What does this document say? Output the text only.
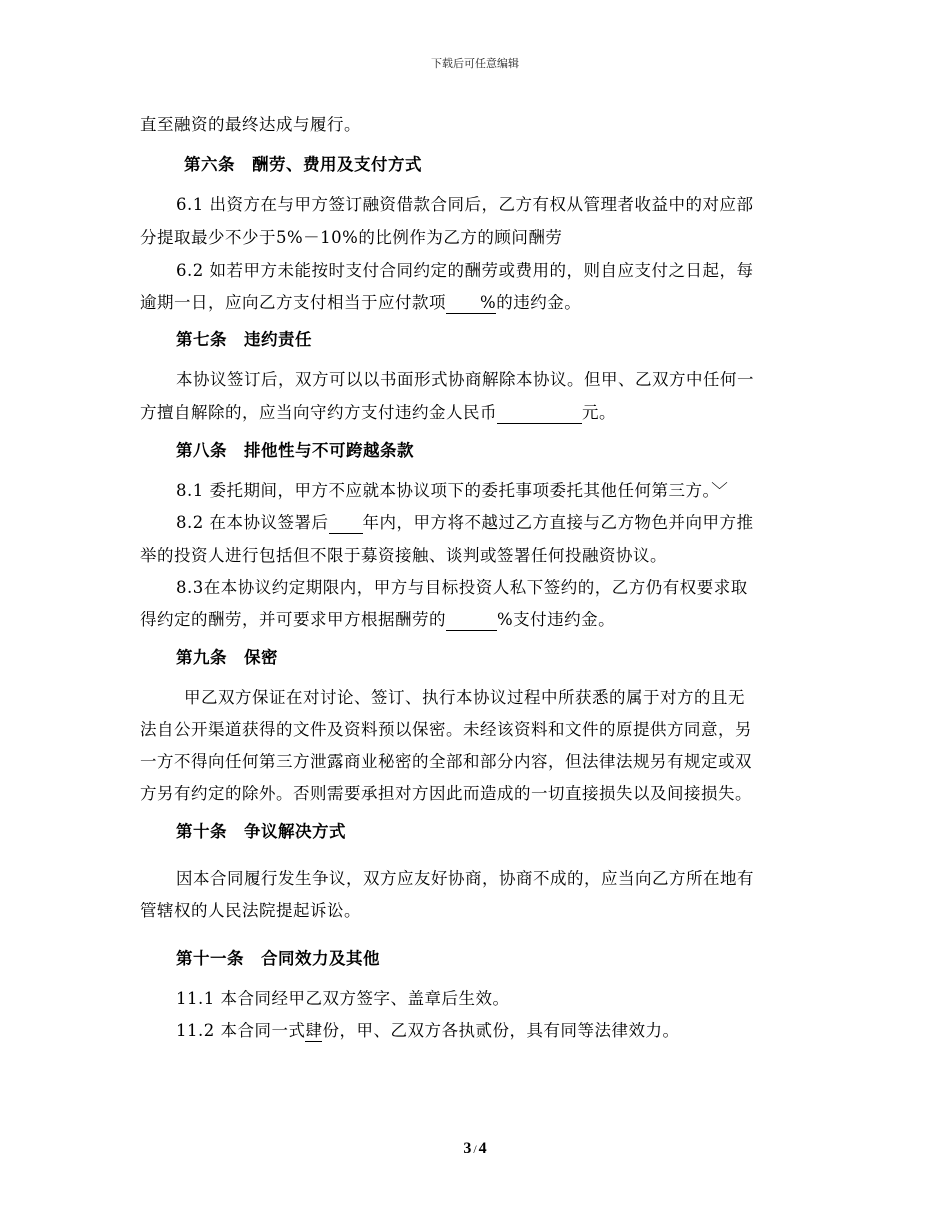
下载后可任意编辑
直至融资的最终达成与履行。
第六条　酬劳、费用及支付方式
6.1 出资方在与甲方签订融资借款合同后，乙方有权从管理者收益中的对应部
分提取最少不少于5%－10%的比例作为乙方的顾问酬劳
6.2 如若甲方未能按时支付合同约定的酬劳或费用的，则自应支付之日起，每
逾期一日，应向乙方支付相当于应付款项　　%的违约金。
第七条　违约责任
本协议签订后，双方可以以书面形式协商解除本协议。但甲、乙双方中任何一
方擅自解除的，应当向守约方支付违约金人民币　　　　　	元。
第八条　排他性与不可跨越条款
8.1 委托期间，甲方不应就本协议项下的委托事项委托其他任何第三方。﹀
8.2 在本协议签署后　　 年内，甲方将不越过乙方直接与乙方物色并向甲方推
举的投资人进行包括但不限于募资接触、谈判或签署任何投融资协议。
8.3在本协议约定期限内，甲方与目标投资人私下签约的，乙方仍有权要求取
得约定的酬劳，并可要求甲方根据酬劳的　　　	%支付违约金。
第九条　保密
甲乙双方保证在对讨论、签订、执行本协议过程中所获悉的属于对方的且无
法自公开渠道获得的文件及资料预以保密。未经该资料和文件的原提供方同意，另
一方不得向任何第三方泄露商业秘密的全部和部分内容，但法律法规另有规定或双
方另有约定的除外。否则需要承担对方因此而造成的一切直接损失以及间接损失。
第十条　争议解决方式
因本合同履行发生争议，双方应友好协商，协商不成的，应当向乙方所在地有
管辖权的人民法院提起诉讼。
第十一条　合同效力及其他
11.1 本合同经甲乙双方签字、盖章后生效。
11.2 本合同一式肆份，甲、乙双方各执贰份，具有同等法律效力。
3 / 4
